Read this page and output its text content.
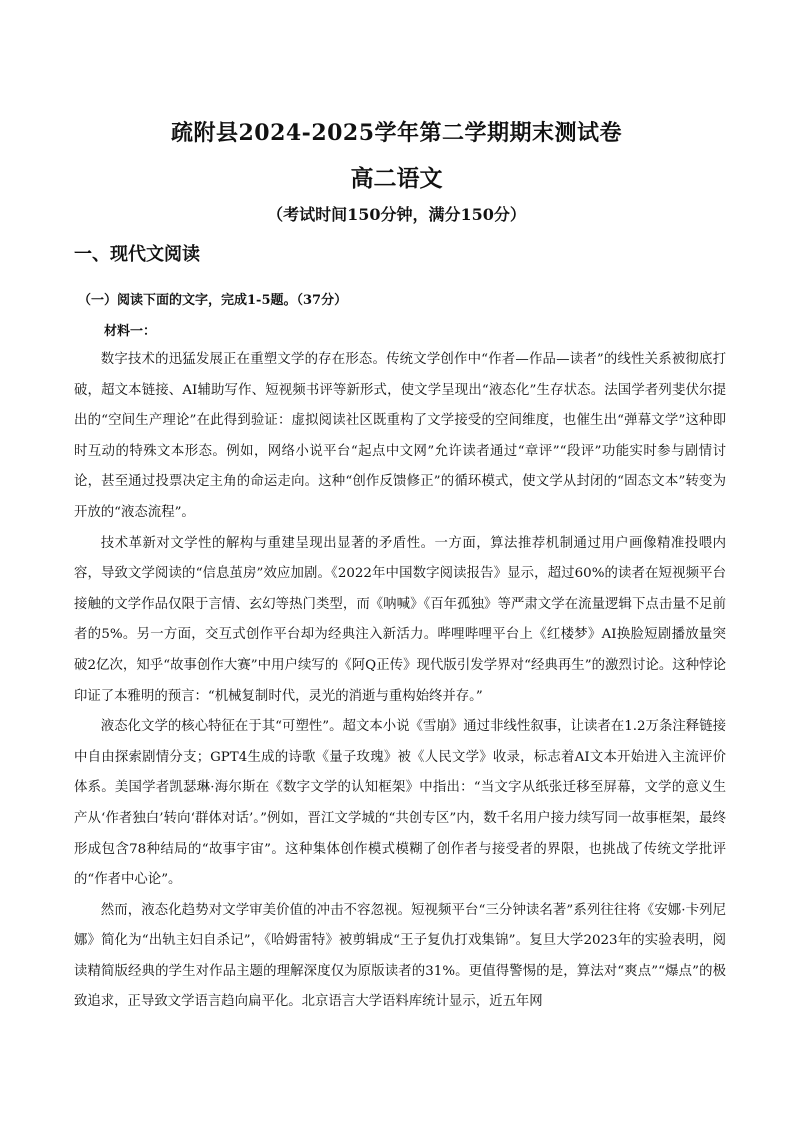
疏附县2024-2025学年第二学期期末测试卷
高二语文
（考试时间150分钟，满分150分）
一、现代文阅读
（一）阅读下面的文字，完成1-5题。（37分）
材料一：

数字技术的迅猛发展正在重塑文学的存在形态。传统文学创作中“作者—作品—读者”的线性关系被彻底打破，超文本链接、AI辅助写作、短视频书评等新形式，使文学呈现出“液态化”生存状态。法国学者列斐伏尔提出的“空间生产理论”在此得到验证：虚拟阅读社区既重构了文学接受的空间维度，也催生出“弹幕文学”这种即时互动的特殊文本形态。例如，网络小说平台“起点中文网”允许读者通过“章评”“段评”功能实时参与剧情讨论，甚至通过投票决定主角的命运走向。这种“创作反馈修正”的循环模式，使文学从封闭的“固态文本”转变为开放的“液态流程”。

技术革新对文学性的解构与重建呈现出显著的矛盾性。一方面，算法推荐机制通过用户画像精准投喂内容，导致文学阅读的“信息茧房”效应加剧。《2022年中国数字阅读报告》显示，超过60%的读者在短视频平台接触的文学作品仅限于言情、玄幻等热门类型，而《呐喊》《百年孤独》等严肃文学在流量逻辑下点击量不足前者的5%。另一方面，交互式创作平台却为经典注入新活力。哔哩哔哩平台上《红楼梦》AI换脸短剧播放量突破2亿次，知乎“故事创作大赛”中用户续写的《阿Q正传》现代版引发学界对“经典再生”的激烈讨论。这种悖论印证了本雅明的预言：“机械复制时代，灵光的消逝与重构始终并存。”

液态化文学的核心特征在于其“可塑性”。超文本小说《雪崩》通过非线性叙事，让读者在1.2万条注释链接中自由探索剧情分支；GPT4生成的诗歌《量子玫瑰》被《人民文学》收录，标志着AI文本开始进入主流评价体系。美国学者凯瑟琳·海尔斯在《数字文学的认知框架》中指出：“当文字从纸张迁移至屏幕，文学的意义生产从‘作者独白’转向‘群体对话’。”例如，晋江文学城的“共创专区”内，数千名用户接力续写同一故事框架，最终形成包含78种结局的“故事宇宙”。这种集体创作模式模糊了创作者与接受者的界限，也挑战了传统文学批评的“作者中心论”。

然而，液态化趋势对文学审美价值的冲击不容忽视。短视频平台“三分钟读名著”系列往往将《安娜·卡列尼娜》简化为“出轨主妇自杀记”，《哈姆雷特》被剪辑成“王子复仇打戏集锦”。复旦大学2023年的实验表明，阅读精简版经典的学生对作品主题的理解深度仅为原版读者的31%。更值得警惕的是，算法对“爽点”“爆点”的极致追求，正导致文学语言趋向扁平化。北京语言大学语料库统计显示，近五年网
